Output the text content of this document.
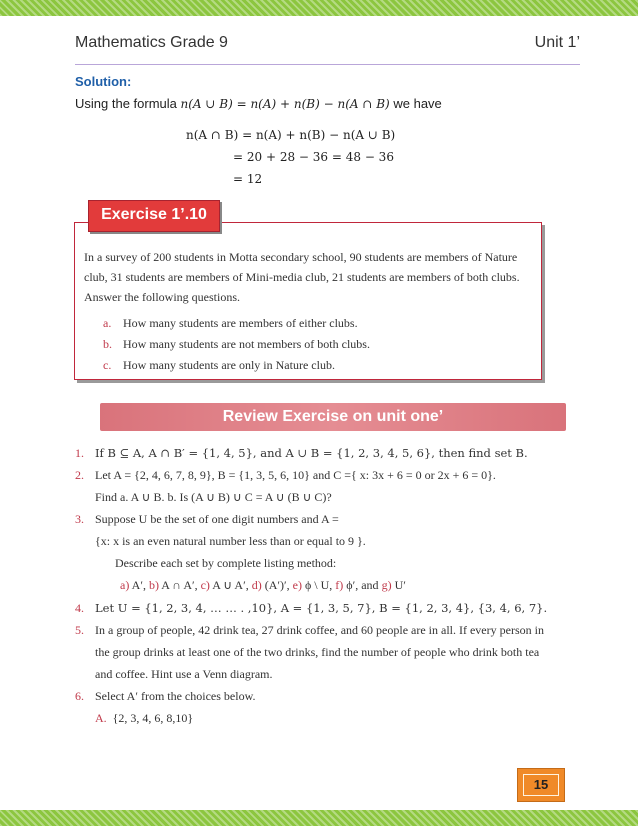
Mathematics Grade 9	Unit 1’
Solution:
Using the formula n(A ∪ B) = n(A) + n(B) − n(A ∩ B) we have
n(A ∩ B) = n(A) + n(B) − n(A ∪ B)
= 20 + 28 − 36 = 48 − 36
= 12
In a survey of 200 students in Motta secondary school, 90 students are members of Nature club, 31 students are members of Mini-media club, 21 students are members of both clubs. Answer the following questions.
a. How many students are members of either clubs.
b. How many students are not members of both clubs.
c. How many students are only in Nature club.
Exercise 1’.10
Review Exercise on unit one’
1. If B ⊆ A, A ∩ B′ = {1, 4, 5}, and A ∪ B = {1, 2, 3, 4, 5, 6}, then find set B.
2. Let A = {2, 4, 6, 7, 8, 9}, B = {1, 3, 5, 6, 10} and C ={ x: 3x + 6 = 0 or 2x + 6 = 0}.
Find a. A ∪ B. b. Is (A ∪ B) ∪ C = A ∪ (B ∪ C)?
3. Suppose U be the set of one digit numbers and A =
{x: x is an even natural number less than or equal to 9 }.
Describe each set by complete listing method:
a) A′, b) A ∩ A′, c) A ∪ A′, d) (A′)′, e) ϕ \ U, f) ϕ′, and g) U′
4. Let U = {1, 2, 3, 4, … … . ,10}, A = {1, 3, 5, 7}, B = {1, 2, 3, 4}, {3, 4, 6, 7}.
5. In a group of people, 42 drink tea, 27 drink coffee, and 60 people are in all. If every person in
the group drinks at least one of the two drinks, find the number of people who drink both tea
and coffee. Hint use a Venn diagram.
6. Select A′ from the choices below.
A. {2, 3, 4, 6, 8,10}
15
